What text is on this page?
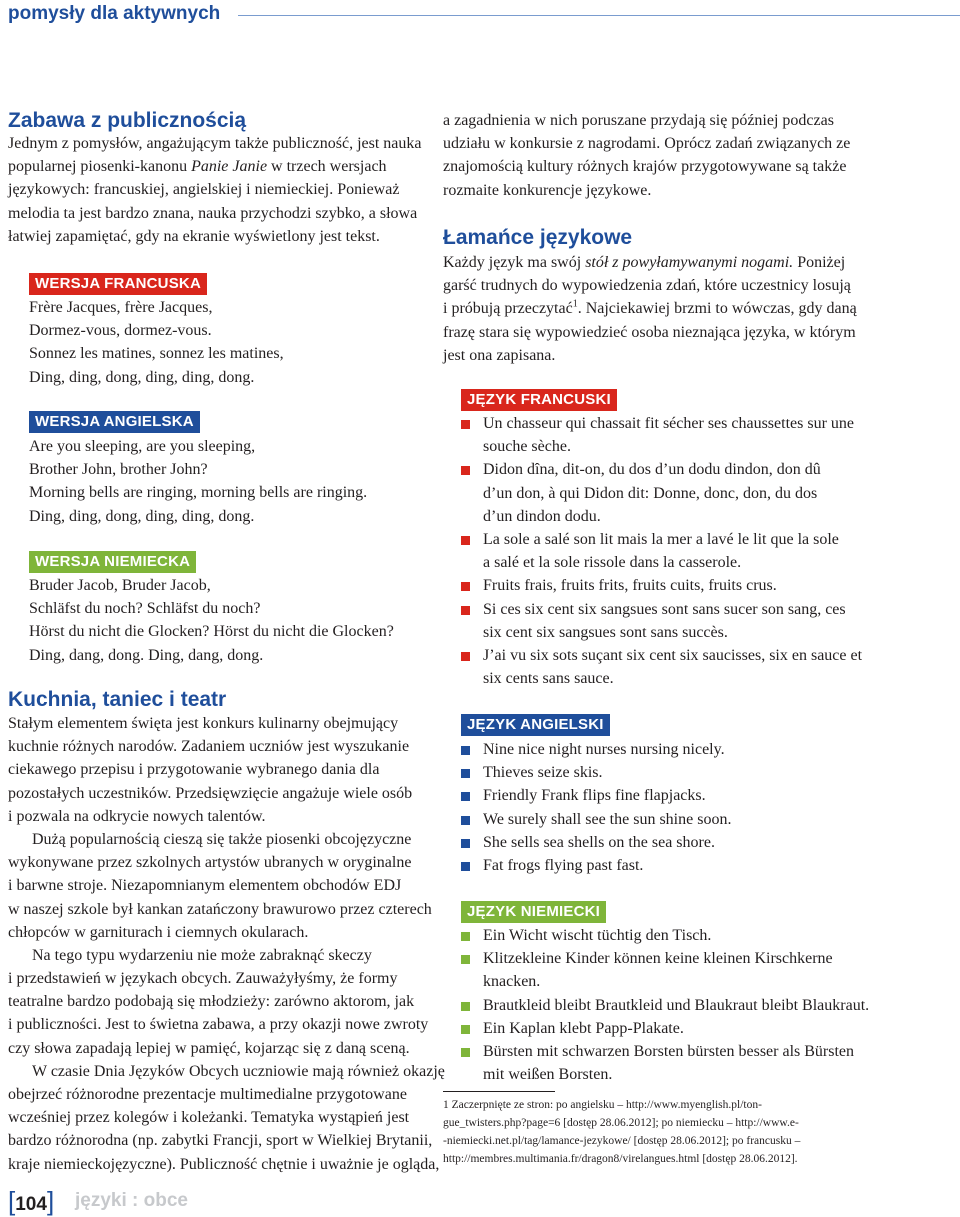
pomysły dla aktywnych
Zabawa z publicznością
Jednym z pomysłów, angażującym także publiczność, jest nauka
popularnej piosenki-kanonu Panie Janie w trzech wersjach
językowych: francuskiej, angielskiej i niemieckiej. Ponieważ
melodia ta jest bardzo znana, nauka przychodzi szybko, a słowa
łatwiej zapamiętać, gdy na ekranie wyświetlony jest tekst.
WERSJA FRANCUSKA
Frère Jacques, frère Jacques,
Dormez-vous, dormez-vous.
Sonnez les matines, sonnez les matines,
Ding, ding, dong, ding, ding, dong.
WERSJA ANGIELSKA
Are you sleeping, are you sleeping,
Brother John, brother John?
Morning bells are ringing, morning bells are ringing.
Ding, ding, dong, ding, ding, dong.
WERSJA NIEMIECKA
Bruder Jacob, Bruder Jacob,
Schläfst du noch? Schläfst du noch?
Hörst du nicht die Glocken? Hörst du nicht die Glocken?
Ding, dang, dong. Ding, dang, dong.
Kuchnia, taniec i teatr
Stałym elementem święta jest konkurs kulinarny obejmujący
kuchnie różnych narodów. Zadaniem uczniów jest wyszukanie
ciekawego przepisu i przygotowanie wybranego dania dla
pozostałych uczestników. Przedsięwzięcie angażuje wiele osób
i pozwala na odkrycie nowych talentów.
Dużą popularnością cieszą się także piosenki obcojęzyczne
wykonywane przez szkolnych artystów ubranych w oryginalne
i barwne stroje. Niezapomnianym elementem obchodów EDJ
w naszej szkole był kankan zatańczony brawurowo przez czterech
chłopców w garniturach i ciemnych okularach.
Na tego typu wydarzeniu nie może zabraknąć skeczy
i przedstawień w językach obcych. Zauważyłyśmy, że formy
teatralne bardzo podobają się młodzieży: zarówno aktorom, jak
i publiczności. Jest to świetna zabawa, a przy okazji nowe zwroty
czy słowa zapadają lepiej w pamięć, kojarząc się z daną sceną.
W czasie Dnia Języków Obcych uczniowie mają również okazję
obejrzeć różnorodne prezentacje multimedialne przygotowane
wcześniej przez kolegów i koleżanki. Tematyka wystąpień jest
bardzo różnorodna (np. zabytki Francji, sport w Wielkiej Brytanii,
kraje niemieckojęzyczne). Publiczność chętnie i uważnie je ogląda,
a zagadnienia w nich poruszane przydają się później podczas
udziału w konkursie z nagrodami. Oprócz zadań związanych ze
znajomością kultury różnych krajów przygotowywane są także
rozmaite konkurencje językowe.
Łamańce językowe
Każdy język ma swój stół z powyłamywanymi nogami. Poniżej
garść trudnych do wypowiedzenia zdań, które uczestnicy losują
i próbują przeczytać$^1$. Najciekawiej brzmi to wówczas, gdy daną
frazę stara się wypowiedzieć osoba nieznająca języka, w którym
jest ona zapisana.
JĘZYK FRANCUSKI
Un chasseur qui chassait fit sécher ses chaussettes sur une
souche sèche.
Didon dîna, dit-on, du dos d’un dodu dindon, don dû
d’un don, à qui Didon dit: Donne, donc, don, du dos
d’un dindon dodu.
La sole a salé son lit mais la mer a lavé le lit que la sole
a salé et la sole rissole dans la casserole.
Fruits frais, fruits frits, fruits cuits, fruits crus.
Si ces six cent six sangsues sont sans sucer son sang, ces
six cent six sangsues sont sans succès.
J’ai vu six sots suçant six cent six saucisses, six en sauce et
six cents sans sauce.
JĘZYK ANGIELSKI
Nine nice night nurses nursing nicely.
Thieves seize skis.
Friendly Frank flips fine flapjacks.
We surely shall see the sun shine soon.
She sells sea shells on the sea shore.
Fat frogs flying past fast.
JĘZYK NIEMIECKI
Ein Wicht wischt tüchtig den Tisch.
Klitzekleine Kinder können keine kleinen Kirschkerne
knacken.
Brautkleid bleibt Brautkleid und Blaukraut bleibt Blaukraut.
Ein Kaplan klebt Papp-Plakate.
Bürsten mit schwarzen Borsten bürsten besser als Bürsten
mit weißen Borsten.
1 Zaczerpnięte ze stron: po angielsku – http://www.myenglish.pl/ton-
gue_twisters.php?page=6 [dostęp 28.06.2012]; po niemiecku – http://www.e-
-niemiecki.net.pl/tag/lamance-jezykowe/ [dostęp 28.06.2012]; po francusku –
http://membres.multimania.fr/dragon8/virelangues.html [dostęp 28.06.2012].
[104] języki : obce
